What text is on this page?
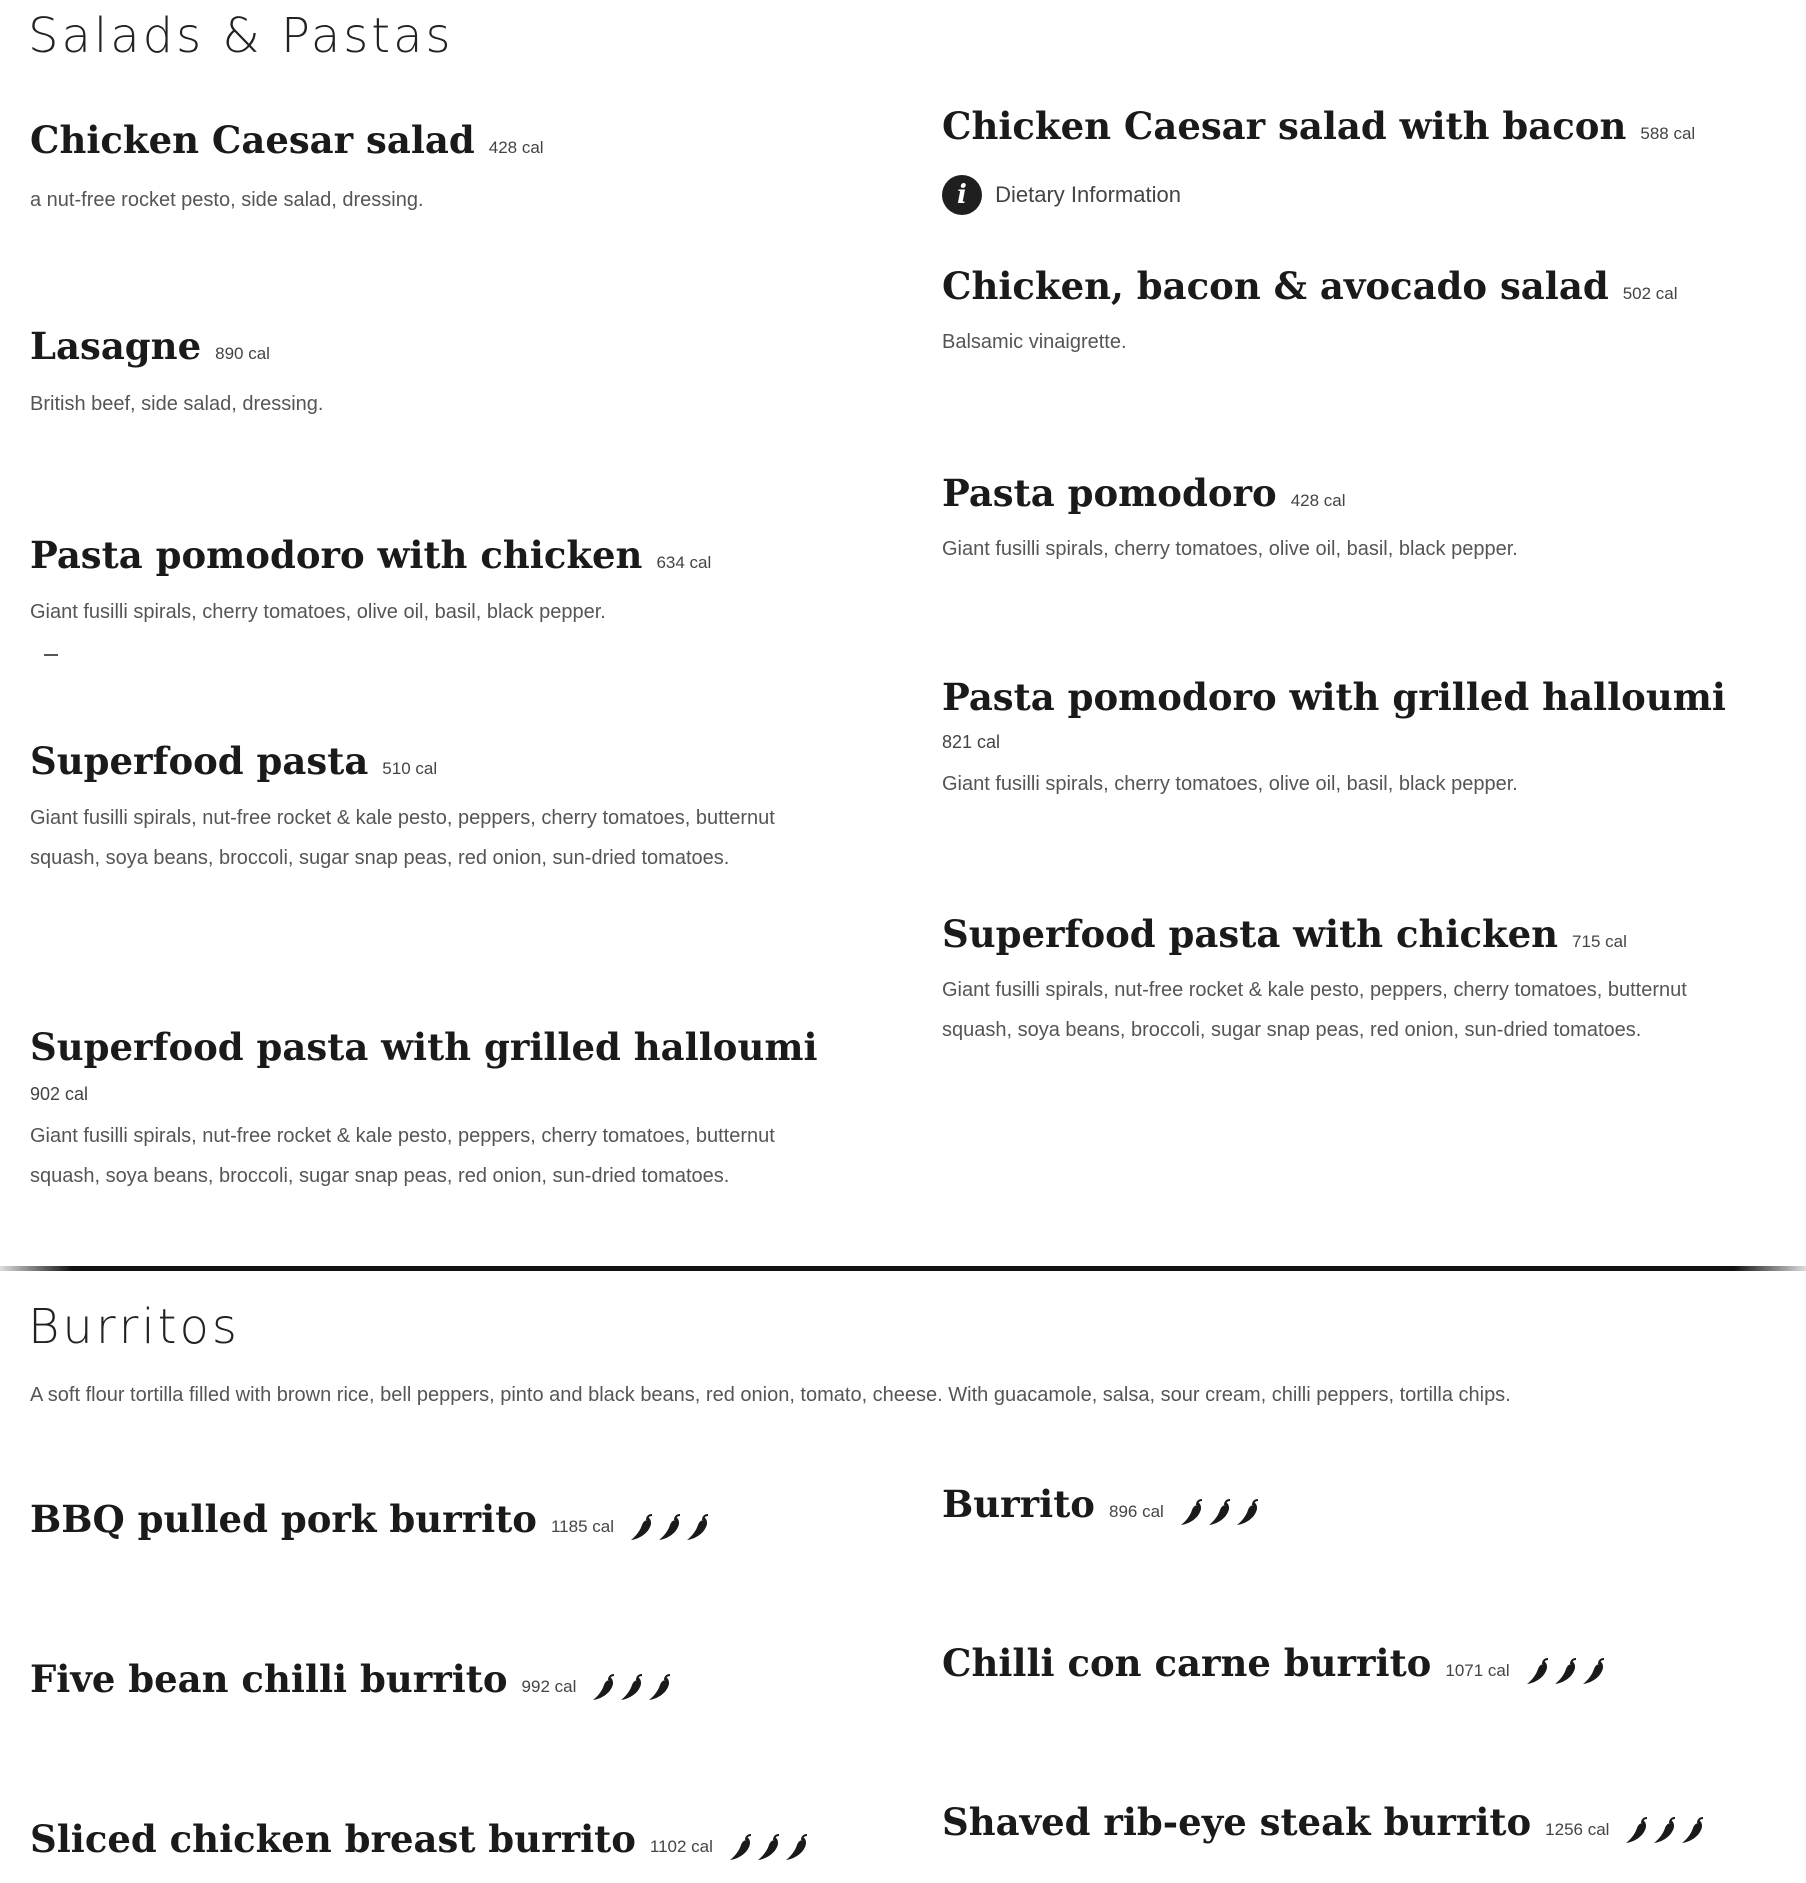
Salads & Pastas
Chicken Caesar salad 428 cal
a nut-free rocket pesto, side salad, dressing.
Lasagne 890 cal
British beef, side salad, dressing.
Pasta pomodoro with chicken 634 cal
Giant fusilli spirals, cherry tomatoes, olive oil, basil, black pepper.
Superfood pasta 510 cal
Giant fusilli spirals, nut-free rocket & kale pesto, peppers, cherry tomatoes, butternut squash, soya beans, broccoli, sugar snap peas, red onion, sun-dried tomatoes.
Superfood pasta with grilled halloumi
902 cal
Giant fusilli spirals, nut-free rocket & kale pesto, peppers, cherry tomatoes, butternut squash, soya beans, broccoli, sugar snap peas, red onion, sun-dried tomatoes.
Chicken Caesar salad with bacon 588 cal
i Dietary Information
Chicken, bacon & avocado salad 502 cal
Balsamic vinaigrette.
Pasta pomodoro 428 cal
Giant fusilli spirals, cherry tomatoes, olive oil, basil, black pepper.
Pasta pomodoro with grilled halloumi
821 cal
Giant fusilli spirals, cherry tomatoes, olive oil, basil, black pepper.
Superfood pasta with chicken 715 cal
Giant fusilli spirals, nut-free rocket & kale pesto, peppers, cherry tomatoes, butternut squash, soya beans, broccoli, sugar snap peas, red onion, sun-dried tomatoes.
Burritos
A soft flour tortilla filled with brown rice, bell peppers, pinto and black beans, red onion, tomato, cheese. With guacamole, salsa, sour cream, chilli peppers, tortilla chips.
BBQ pulled pork burrito 1185 cal
Five bean chilli burrito 992 cal
Sliced chicken breast burrito 1102 cal
Burrito 896 cal
Chilli con carne burrito 1071 cal
Shaved rib-eye steak burrito 1256 cal
